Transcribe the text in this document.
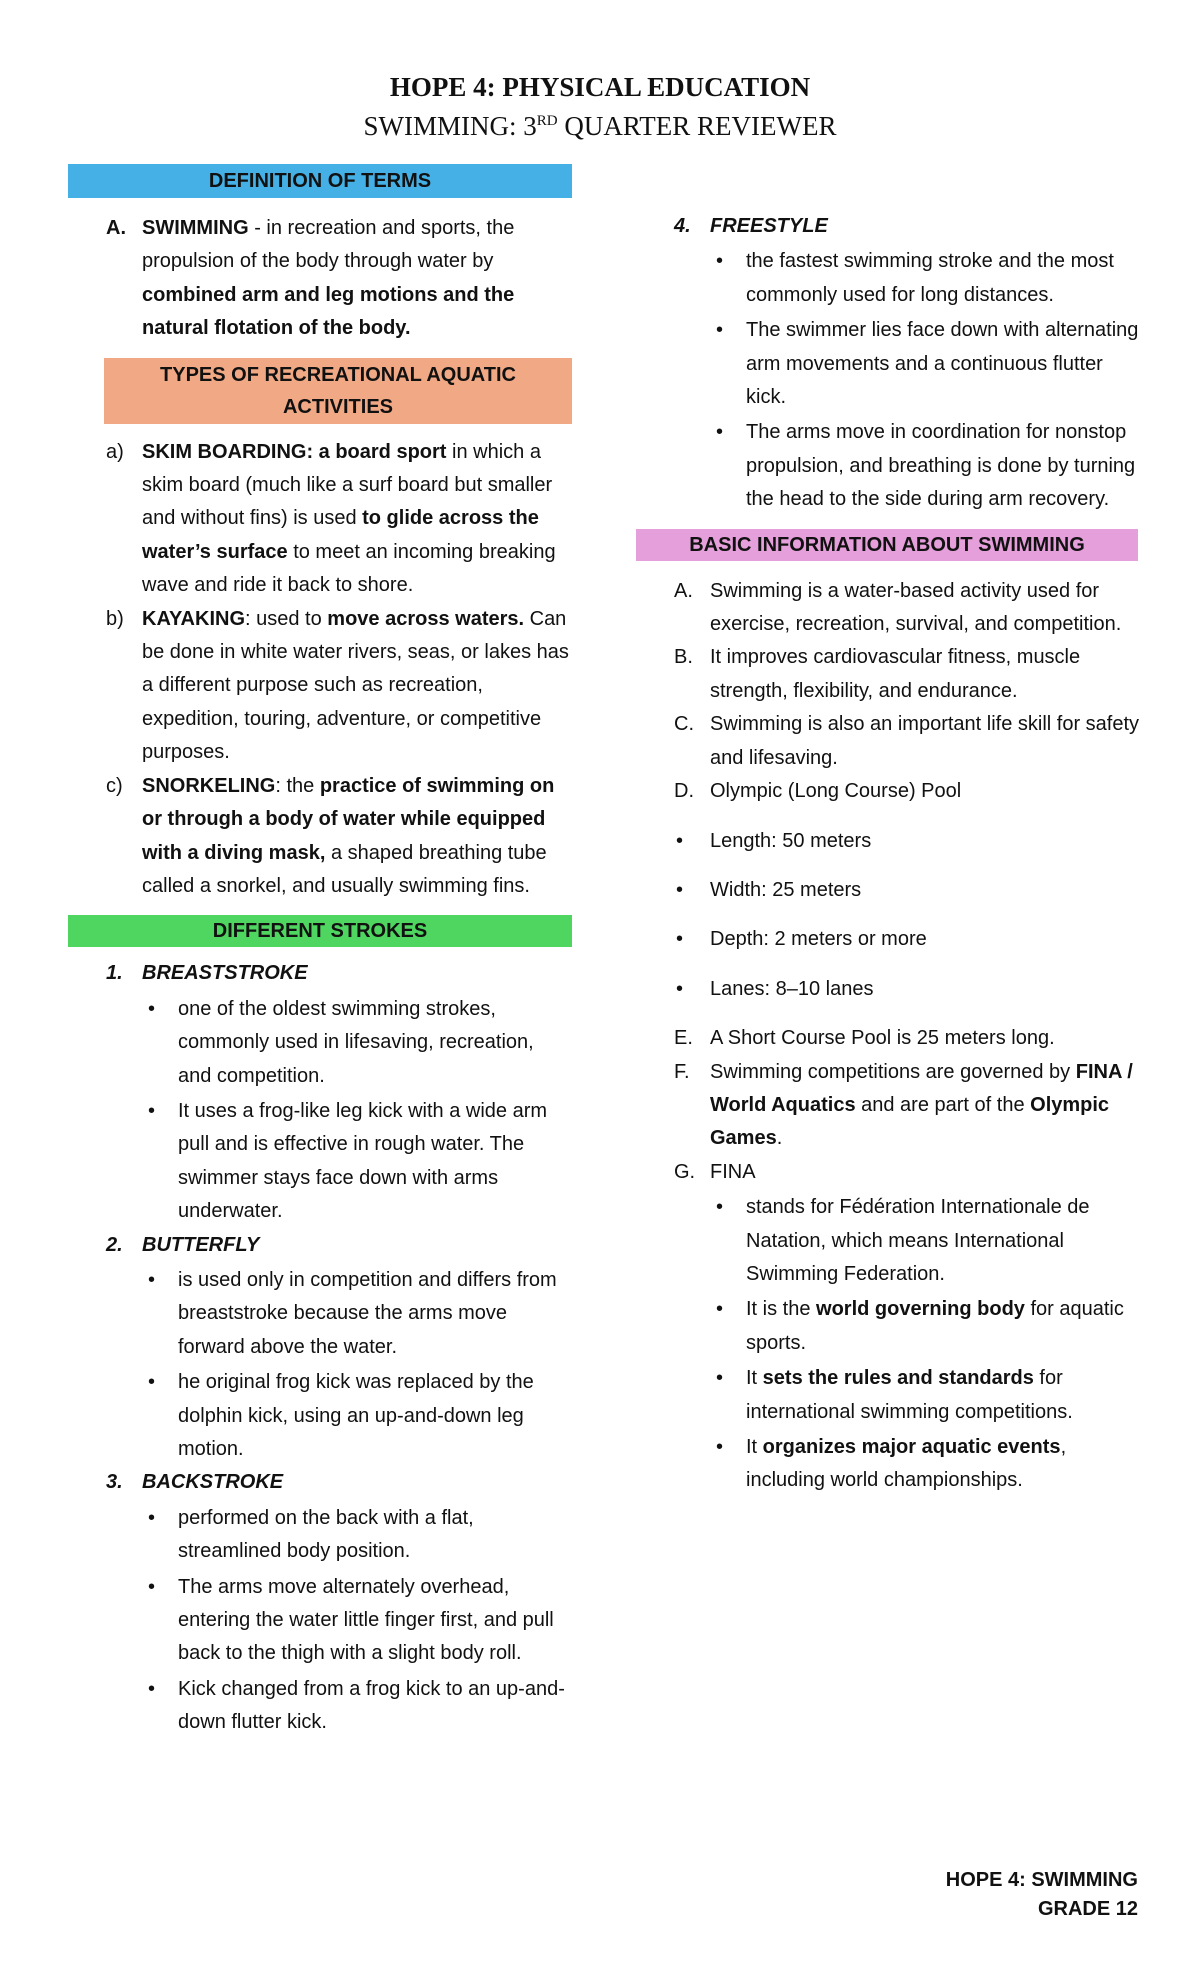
HOPE 4: PHYSICAL EDUCATION
SWIMMING: 3RD QUARTER REVIEWER
DEFINITION OF TERMS
A. SWIMMING - in recreation and sports, the propulsion of the body through water by combined arm and leg motions and the natural flotation of the body.
TYPES OF RECREATIONAL AQUATIC ACTIVITIES
a) SKIM BOARDING: a board sport in which a skim board (much like a surf board but smaller and without fins) is used to glide across the water’s surface to meet an incoming breaking wave and ride it back to shore.
b) KAYAKING: used to move across waters. Can be done in white water rivers, seas, or lakes has a different purpose such as recreation, expedition, touring, adventure, or competitive purposes.
c) SNORKELING: the practice of swimming on or through a body of water while equipped with a diving mask, a shaped breathing tube called a snorkel, and usually swimming fins.
DIFFERENT STROKES
1. BREASTSTROKE
• one of the oldest swimming strokes, commonly used in lifesaving, recreation, and competition.
• It uses a frog-like leg kick with a wide arm pull and is effective in rough water. The swimmer stays face down with arms underwater.
2. BUTTERFLY
• is used only in competition and differs from breaststroke because the arms move forward above the water.
• he original frog kick was replaced by the dolphin kick, using an up-and-down leg motion.
3. BACKSTROKE
• performed on the back with a flat, streamlined body position.
• The arms move alternately overhead, entering the water little finger first, and pull back to the thigh with a slight body roll.
• Kick changed from a frog kick to an up-and-down flutter kick.
4. FREESTYLE
• the fastest swimming stroke and the most commonly used for long distances.
• The swimmer lies face down with alternating arm movements and a continuous flutter kick.
• The arms move in coordination for nonstop propulsion, and breathing is done by turning the head to the side during arm recovery.
BASIC INFORMATION ABOUT SWIMMING
A. Swimming is a water-based activity used for exercise, recreation, survival, and competition.
B. It improves cardiovascular fitness, muscle strength, flexibility, and endurance.
C. Swimming is also an important life skill for safety and lifesaving.
D. Olympic (Long Course) Pool
• Length: 50 meters
• Width: 25 meters
• Depth: 2 meters or more
• Lanes: 8–10 lanes
E. A Short Course Pool is 25 meters long.
F. Swimming competitions are governed by FINA / World Aquatics and are part of the Olympic Games.
G. FINA
• stands for Fédération Internationale de Natation, which means International Swimming Federation.
• It is the world governing body for aquatic sports.
• It sets the rules and standards for international swimming competitions.
• It organizes major aquatic events, including world championships.
HOPE 4: SWIMMING
GRADE 12
